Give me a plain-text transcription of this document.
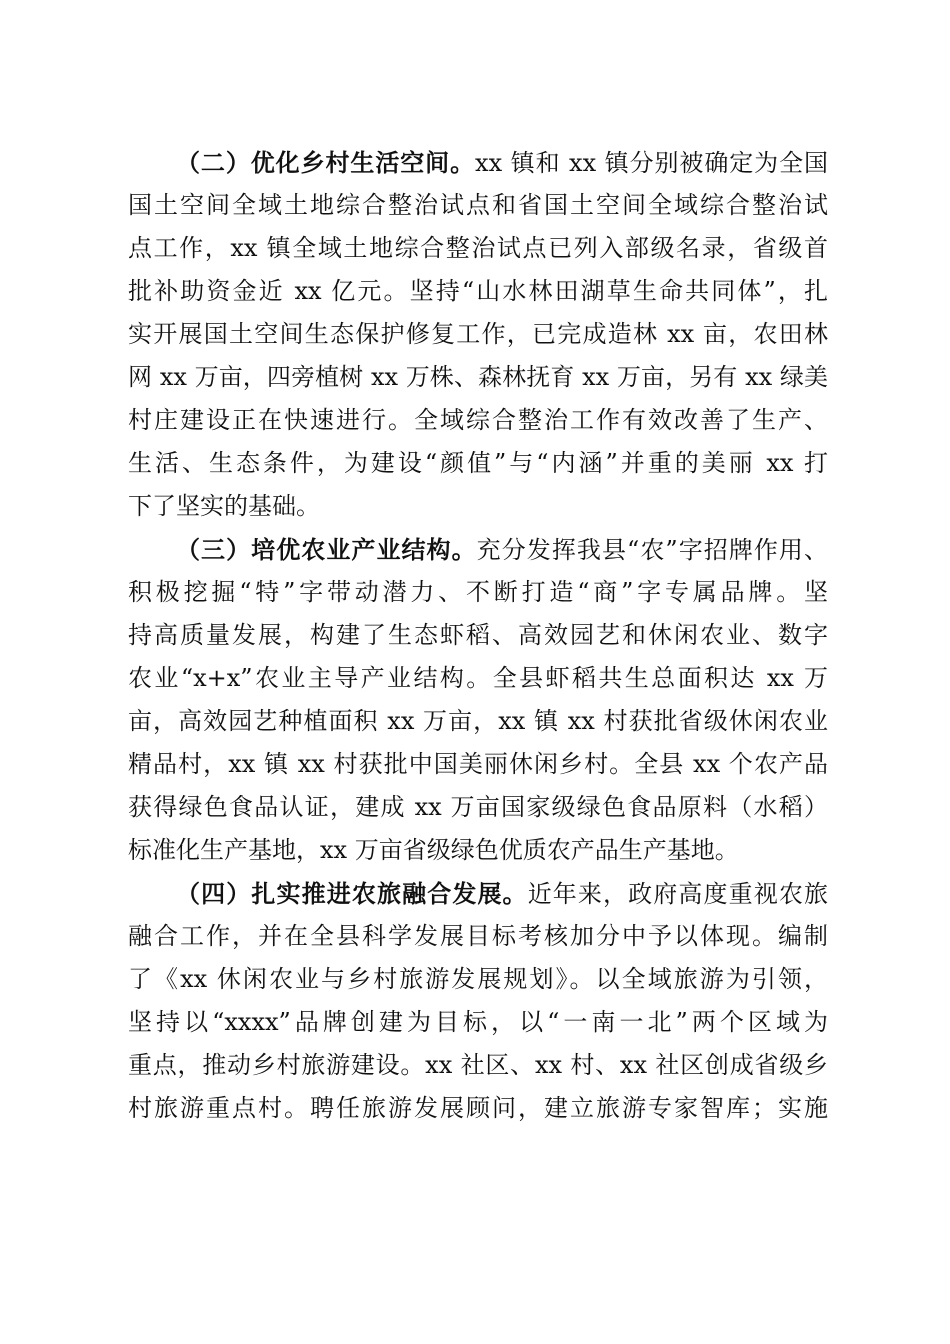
（二）优化乡村生活空间。xx 镇和 xx 镇分别被确定为全国
国土空间全域土地综合整治试点和省国土空间全域综合整治试
点工作，xx 镇全域土地综合整治试点已列入部级名录，省级首
批补助资金近 xx 亿元。坚持“山水林田湖草生命共同体”，扎
实开展国土空间生态保护修复工作，已完成造林 xx 亩，农田林
网 xx 万亩，四旁植树 xx 万株、森林抚育 xx 万亩，另有 xx 绿美
村庄建设正在快速进行。全域综合整治工作有效改善了生产、
生活、生态条件，为建设“颜值”与“内涵”并重的美丽 xx 打
下了坚实的基础。
（三）培优农业产业结构。充分发挥我县“农”字招牌作用、
积极挖掘“特”字带动潜力、不断打造“商”字专属品牌。坚
持高质量发展，构建了生态虾稻、高效园艺和休闲农业、数字
农业“x+x”农业主导产业结构。全县虾稻共生总面积达 xx 万
亩，高效园艺种植面积 xx 万亩，xx 镇 xx 村获批省级休闲农业
精品村，xx 镇 xx 村获批中国美丽休闲乡村。全县 xx 个农产品
获得绿色食品认证，建成 xx 万亩国家级绿色食品原料（水稻）
标准化生产基地，xx 万亩省级绿色优质农产品生产基地。
（四）扎实推进农旅融合发展。近年来，政府高度重视农旅
融合工作，并在全县科学发展目标考核加分中予以体现。编制
了《xx 休闲农业与乡村旅游发展规划》。以全域旅游为引领，
坚持以“xxxx”品牌创建为目标，以“一南一北”两个区域为
重点，推动乡村旅游建设。xx 社区、xx 村、xx 社区创成省级乡
村旅游重点村。聘任旅游发展顾问，建立旅游专家智库；实施
